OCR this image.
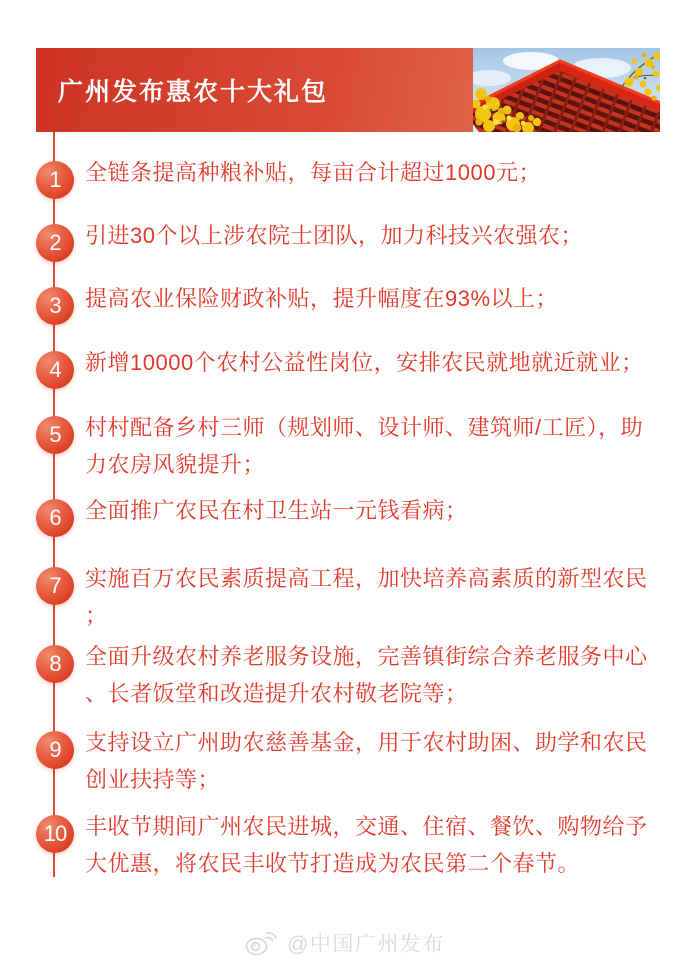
广州发布惠农十大礼包
1 全链条提高种粮补贴，每亩合计超过1000元；
2 引进30个以上涉农院士团队，加力科技兴农强农；
3 提高农业保险财政补贴，提升幅度在93%以上；
4 新增10000个农村公益性岗位，安排农民就地就近就业；
5 村村配备乡村三师（规划师、设计师、建筑师/工匠），助
力农房风貌提升；
6 全面推广农民在村卫生站一元钱看病；
7 实施百万农民素质提高工程，加快培养高素质的新型农民
；
8 全面升级农村养老服务设施，完善镇街综合养老服务中心
、长者饭堂和改造提升农村敬老院等；
9 支持设立广州助农慈善基金，用于农村助困、助学和农民
创业扶持等；
10 丰收节期间广州农民进城，交通、住宿、餐饮、购物给予
大优惠，将农民丰收节打造成为农民第二个春节。
@中国广州发布
